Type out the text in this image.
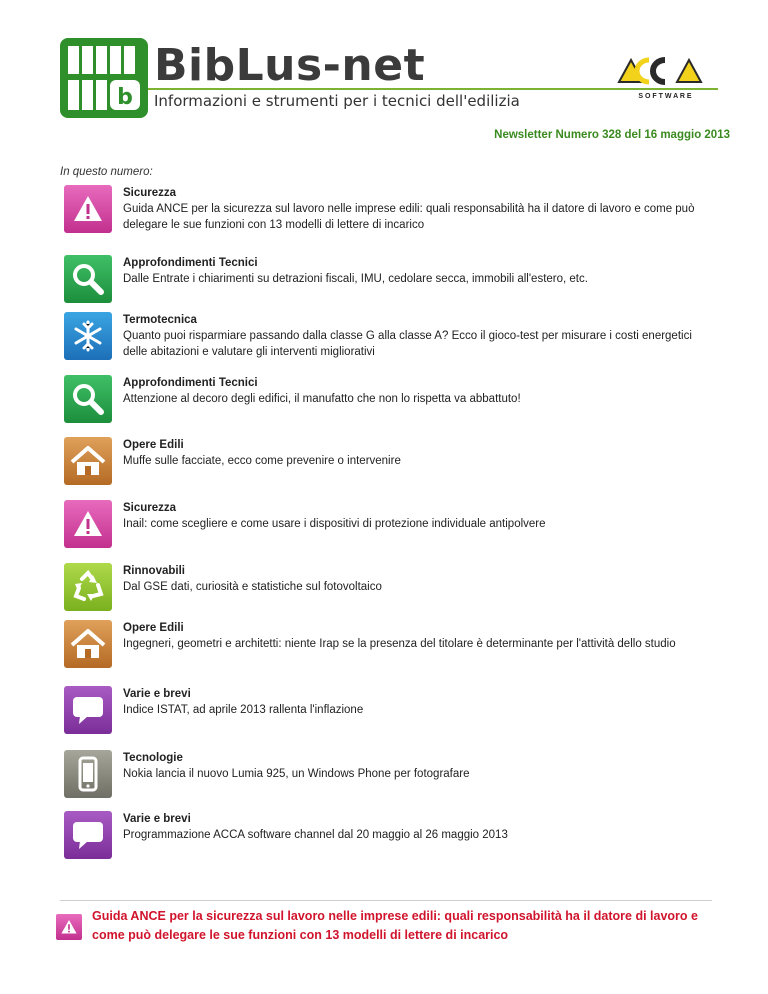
b
BibLus-net
Informazioni e strumenti per i tecnici dell'edilizia	S O F T W A R E
Newsletter Numero 328 del 16 maggio 2013
In questo numero:
Sicurezza
Guida ANCE per la sicurezza sul lavoro nelle imprese edili: quali responsabilità ha il datore di lavoro e come può delegare le sue funzioni con 13 modelli di lettere di incarico
Approfondimenti Tecnici
Dalle Entrate i chiarimenti su detrazioni fiscali, IMU, cedolare secca, immobili all'estero, etc.
Termotecnica
Quanto puoi risparmiare passando dalla classe G alla classe A? Ecco il gioco-test per misurare i costi energetici delle abitazioni e valutare gli interventi migliorativi
Approfondimenti Tecnici
Attenzione al decoro degli edifici, il manufatto che non lo rispetta va abbattuto!
Opere Edili
Muffe sulle facciate, ecco come prevenire o intervenire
Sicurezza
Inail: come scegliere e come usare i dispositivi di protezione individuale antipolvere
Rinnovabili
Dal GSE dati, curiosità e statistiche sul fotovoltaico
Opere Edili
Ingegneri, geometri e architetti: niente Irap se la presenza del titolare è determinante per l'attività dello studio
Varie e brevi
Indice ISTAT, ad aprile 2013 rallenta l'inflazione
Tecnologie
Nokia lancia il nuovo Lumia 925, un Windows Phone per fotografare
Varie e brevi
Programmazione ACCA software channel dal 20 maggio al 26 maggio 2013
Guida ANCE per la sicurezza sul lavoro nelle imprese edili: quali responsabilità ha il datore di lavoro e come può delegare le sue funzioni con 13 modelli di lettere di incarico
